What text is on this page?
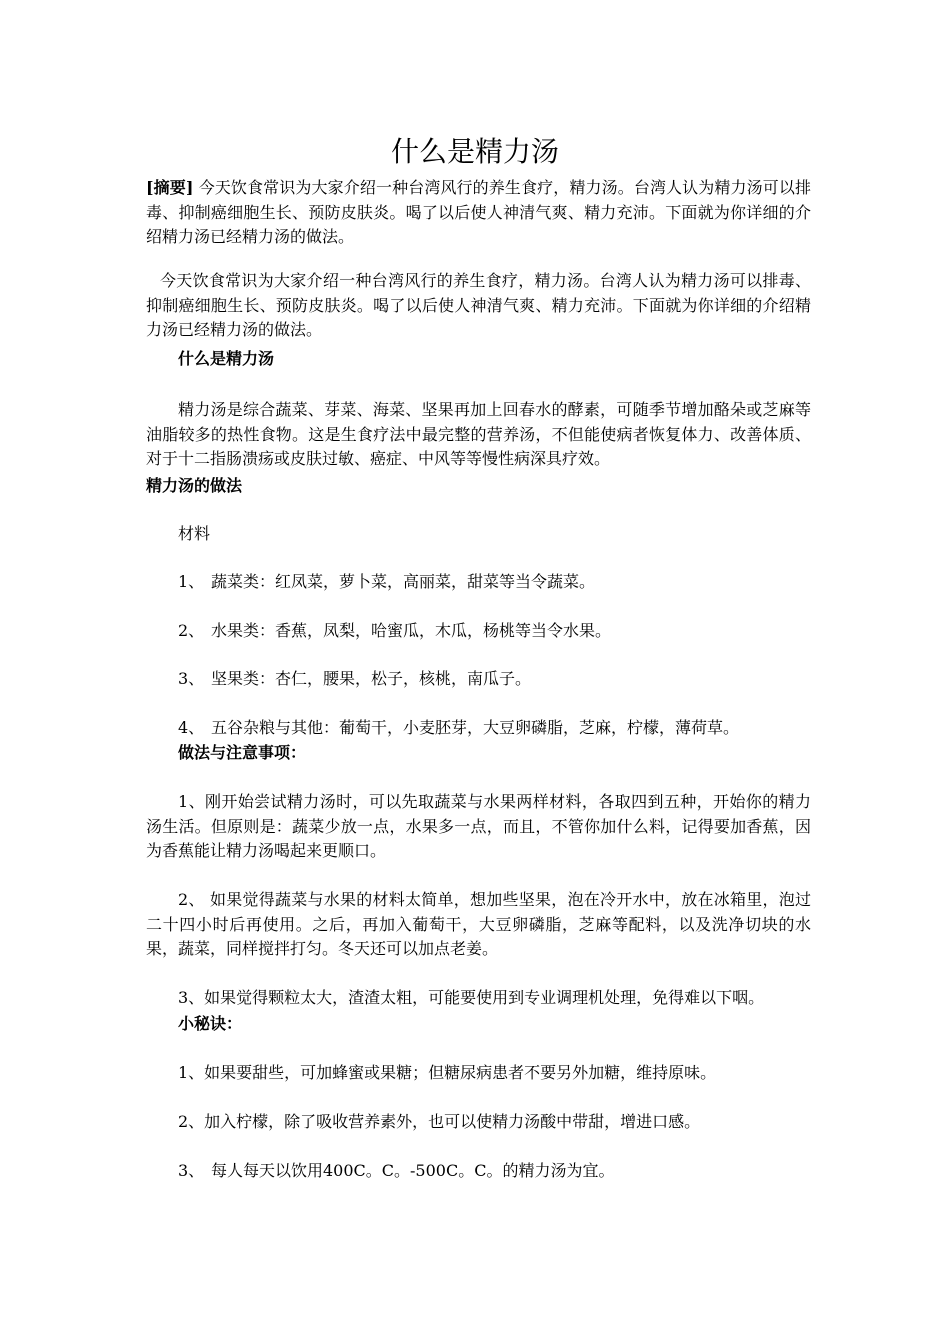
什么是精力汤
[摘要] 今天饮食常识为大家介绍一种台湾风行的养生食疗，精力汤。台湾人认为精力汤可以排毒、抑制癌细胞生长、预防皮肤炎。喝了以后使人神清气爽、精力充沛。下面就为你详细的介绍精力汤已经精力汤的做法。
今天饮食常识为大家介绍一种台湾风行的养生食疗，精力汤。台湾人认为精力汤可以排毒、抑制癌细胞生长、预防皮肤炎。喝了以后使人神清气爽、精力充沛。下面就为你详细的介绍精力汤已经精力汤的做法。
什么是精力汤
精力汤是综合蔬菜、芽菜、海菜、坚果再加上回春水的酵素，可随季节增加酪朵或芝麻等油脂较多的热性食物。这是生食疗法中最完整的营养汤，不但能使病者恢复体力、改善体质、对于十二指肠溃疡或皮肤过敏、癌症、中风等等慢性病深具疗效。
精力汤的做法
材料
1、 蔬菜类：红凤菜，萝卜菜，高丽菜，甜菜等当令蔬菜。
2、 水果类：香蕉，凤梨，哈蜜瓜，木瓜，杨桃等当令水果。
3、 坚果类：杏仁，腰果，松子，核桃，南瓜子。
4、 五谷杂粮与其他：葡萄干，小麦胚芽，大豆卵磷脂，芝麻，柠檬，薄荷草。
做法与注意事项：
1、刚开始尝试精力汤时，可以先取蔬菜与水果两样材料，各取四到五种，开始你的精力汤生活。但原则是：蔬菜少放一点，水果多一点，而且，不管你加什么料，记得要加香蕉，因为香蕉能让精力汤喝起来更顺口。
2、 如果觉得蔬菜与水果的材料太简单，想加些坚果，泡在冷开水中，放在冰箱里，泡过二十四小时后再使用。之后，再加入葡萄干，大豆卵磷脂，芝麻等配料，以及洗净切块的水果，蔬菜，同样搅拌打匀。冬天还可以加点老姜。
3、如果觉得颗粒太大，渣渣太粗，可能要使用到专业调理机处理，免得难以下咽。
小秘诀：
1、如果要甜些，可加蜂蜜或果糖；但糖尿病患者不要另外加糖，维持原味。
2、加入柠檬，除了吸收营养素外，也可以使精力汤酸中带甜，增进口感。
3、 每人每天以饮用400C。C。-500C。C。的精力汤为宜。
